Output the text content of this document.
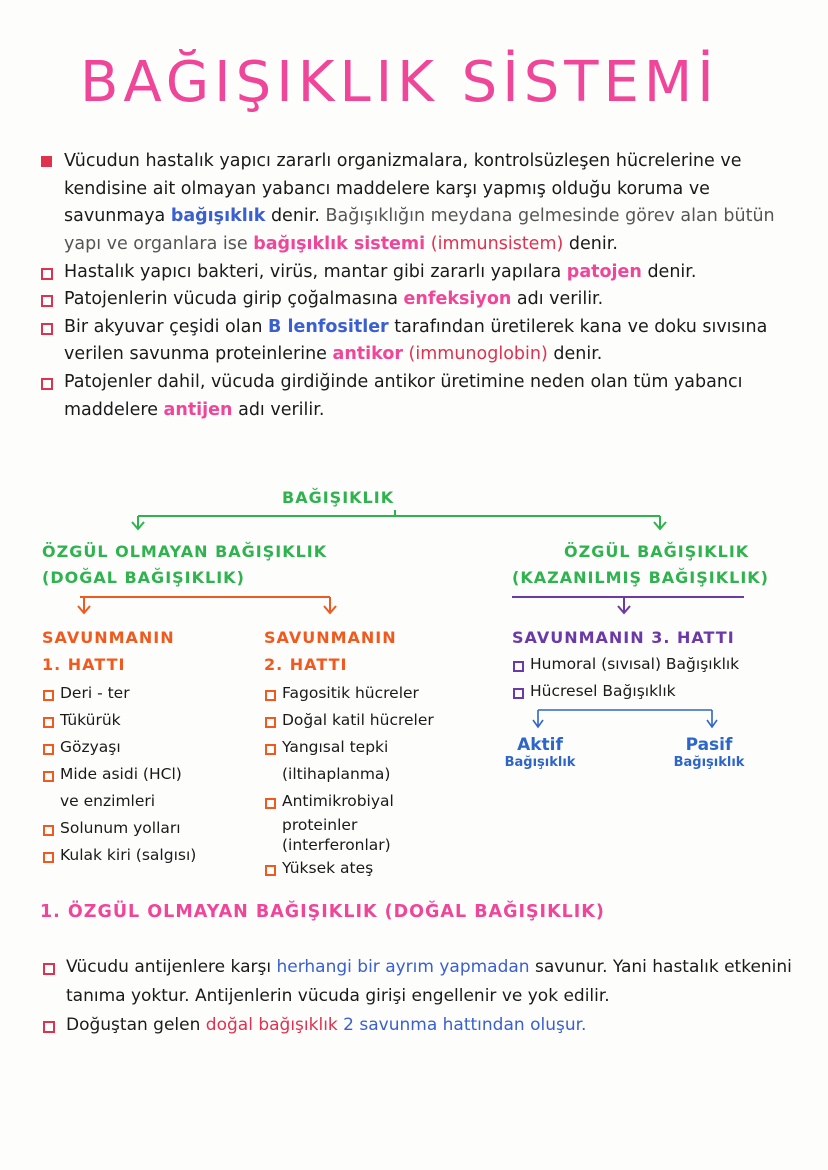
BAĞIŞIKLIK SİSTEMİ
Vücudun hastalık yapıcı zararlı organizmalara, kontrolsüzleşen hücrelerine ve kendisine ait olmayan yabancı maddelere karşı yapmış olduğu koruma ve savunmaya bağışıklık denir. Bağışıklığın meydana gelmesinde görev alan bütün yapı ve organlara ise bağışıklık sistemi (immunsistem) denir.
Hastalık yapıcı bakteri, virüs, mantar gibi zararlı yapılara patojen denir.
Patojenlerin vücuda girip çoğalmasına enfeksiyon adı verilir.
Bir akyuvar çeşidi olan B lenfositler tarafından üretilerek kana ve doku sıvısına verilen savunma proteinlerine antikor (immunoglobin) denir.
Patojenler dahil, vücuda girdiğinde antikor üretimine neden olan tüm yabancı maddelere antijen adı verilir.
BAĞIŞIKLIK
ÖZGÜL OLMAYAN BAĞIŞIKLIK
(DOĞAL BAĞIŞIKLIK)
ÖZGÜL BAĞIŞIKLIK
(KAZANILMIŞ BAĞIŞIKLIK)
SAVUNMANIN
1. HATTI
Deri - ter
Tükürük
Gözyaşı
Mide asidi (HCl)
ve enzimleri
Solunum yolları
Kulak kiri (salgısı)
SAVUNMANIN
2. HATTI
Fagositik hücreler
Doğal katil hücreler
Yangısal tepki
(iltihaplanma)
Antimikrobiyal
proteinler
(interferonlar)
Yüksek ateş
SAVUNMANIN 3. HATTI
Humoral (sıvısal) Bağışıklık
Hücresel Bağışıklık
Aktif
Bağışıklık
Pasif
Bağışıklık
1. ÖZGÜL OLMAYAN BAĞIŞIKLIK (DOĞAL BAĞIŞIKLIK)
Vücudu antijenlere karşı herhangi bir ayrım yapmadan savunur. Yani hastalık etkenini tanıma yoktur. Antijenlerin vücuda girişi engellenir ve yok edilir.
Doğuştan gelen doğal bağışıklık 2 savunma hattından oluşur.
